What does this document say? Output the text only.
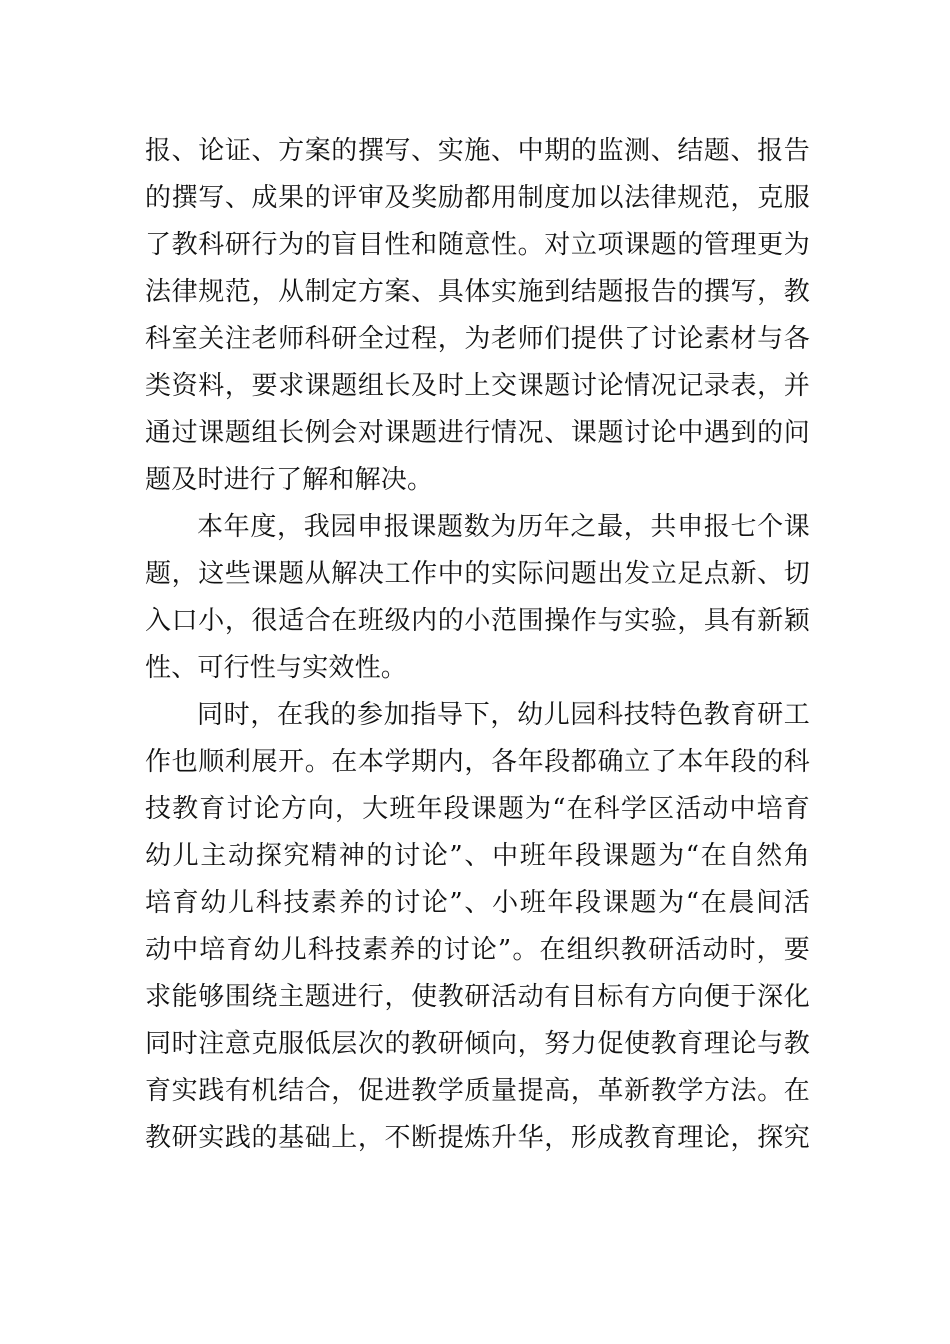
报、论证、方案的撰写、实施、中期的监测、结题、报告
的撰写、成果的评审及奖励都用制度加以法律规范，克服
了教科研行为的盲目性和随意性。对立项课题的管理更为
法律规范，从制定方案、具体实施到结题报告的撰写，教
科室关注老师科研全过程，为老师们提供了讨论素材与各
类资料，要求课题组长及时上交课题讨论情况记录表，并
通过课题组长例会对课题进行情况、课题讨论中遇到的问
题及时进行了解和解决。
本年度，我园申报课题数为历年之最，共申报七个课
题，这些课题从解决工作中的实际问题出发立足点新、切
入口小，很适合在班级内的小范围操作与实验，具有新颖
性、可行性与实效性。
同时，在我的参加指导下，幼儿园科技特色教育研工
作也顺利展开。在本学期内，各年段都确立了本年段的科
技教育讨论方向，大班年段课题为“在科学区活动中培育
幼儿主动探究精神的讨论”、中班年段课题为“在自然角
培育幼儿科技素养的讨论”、小班年段课题为“在晨间活
动中培育幼儿科技素养的讨论”。在组织教研活动时，要
求能够围绕主题进行，使教研活动有目标有方向便于深化
同时注意克服低层次的教研倾向，努力促使教育理论与教
育实践有机结合，促进教学质量提高，革新教学方法。在
教研实践的基础上，不断提炼升华，形成教育理论，探究
